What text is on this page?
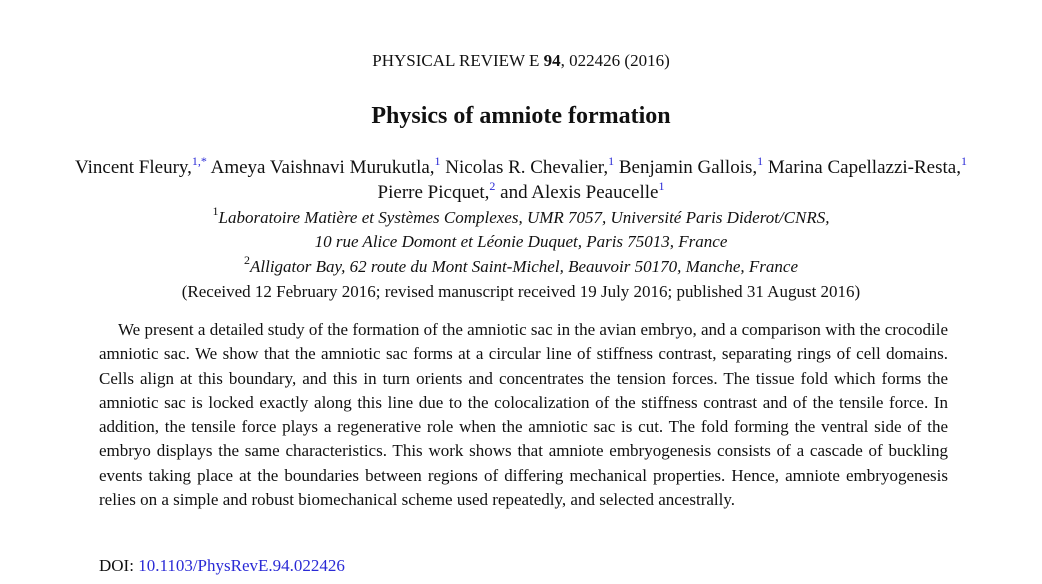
PHYSICAL REVIEW E 94, 022426 (2016)
Physics of amniote formation
Vincent Fleury,$^{1,*}$ Ameya Vaishnavi Murukutla,$^1$ Nicolas R. Chevalier,$^1$ Benjamin Gallois,$^1$ Marina Capellazzi-Resta,$^1$
Pierre Picquet,$^2$ and Alexis Peaucelle$^1$
$^1$Laboratoire Matière et Systèmes Complexes, UMR 7057, Université Paris Diderot/CNRS,
10 rue Alice Domont et Léonie Duquet, Paris 75013, France
$^2$Alligator Bay, 62 route du Mont Saint-Michel, Beauvoir 50170, Manche, France
(Received 12 February 2016; revised manuscript received 19 July 2016; published 31 August 2016)

We present a detailed study of the formation of the amniotic sac in the avian embryo, and a comparison with the crocodile amniotic sac. We show that the amniotic sac forms at a circular line of stiffness contrast, separating rings of cell domains. Cells align at this boundary, and this in turn orients and concentrates the tension forces. The tissue fold which forms the amniotic sac is locked exactly along this line due to the colocalization of the stiffness contrast and of the tensile force. In addition, the tensile force plays a regenerative role when the amniotic sac is cut. The fold forming the ventral side of the embryo displays the same characteristics. This work shows that amniote embryogenesis consists of a cascade of buckling events taking place at the boundaries between regions of differing mechanical properties. Hence, amniote embryogenesis relies on a simple and robust biomechanical scheme used repeatedly, and selected ancestrally.

DOI: 10.1103/PhysRevE.94.022426
